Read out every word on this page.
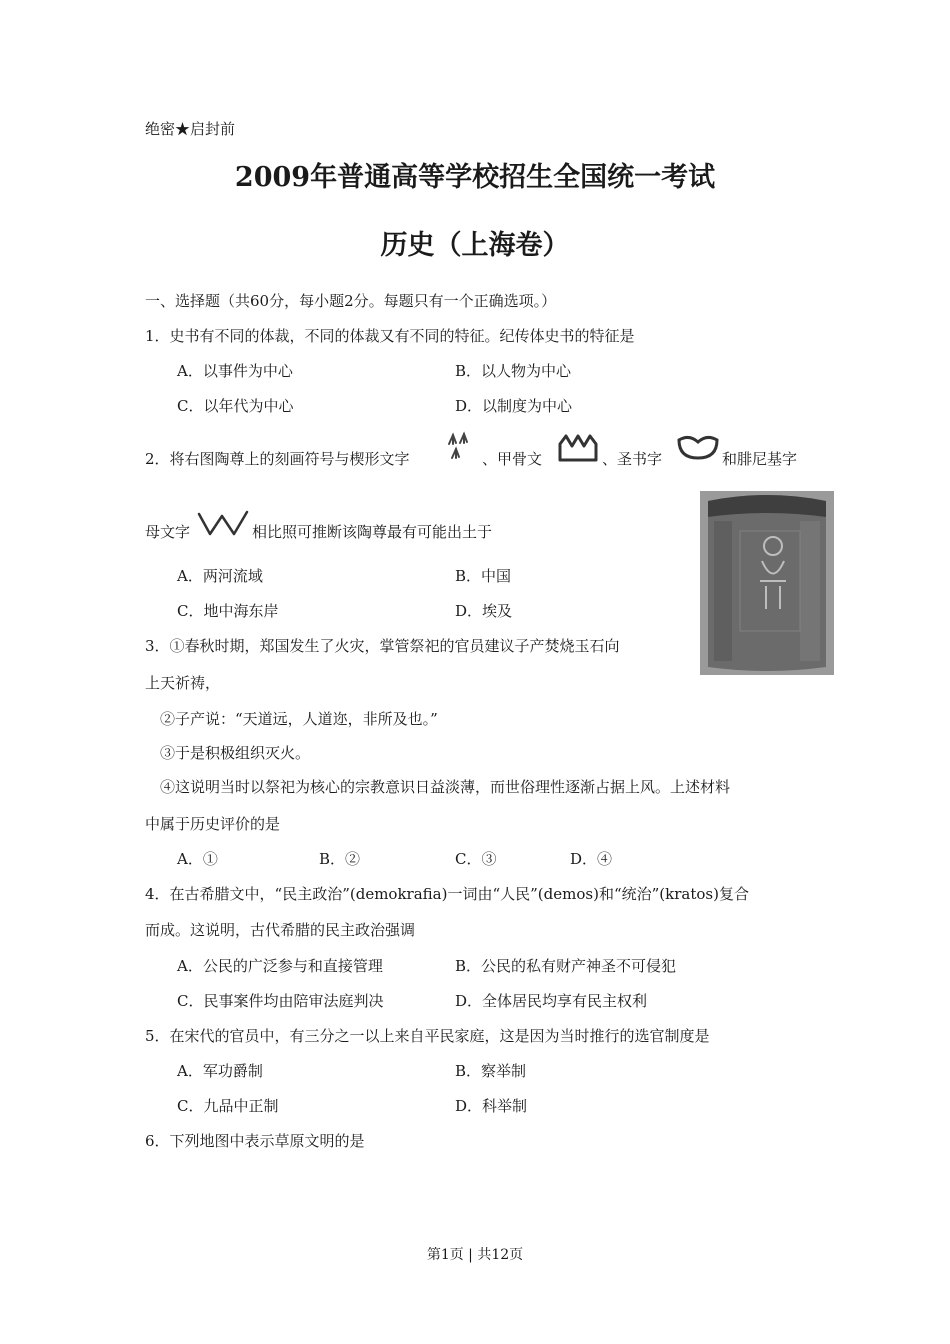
绝密★启封前
2009年普通高等学校招生全国统一考试
历史（上海卷）
一、选择题（共60分，每小题2分。每题只有一个正确选项。）
1．史书有不同的体裁，不同的体裁又有不同的特征。纪传体史书的特征是
A．以事件为中心	B．以人物为中心
C．以年代为中心	D．以制度为中心
2．将右图陶尊上的刻画符号与楔形文字	、甲骨文	、圣书字	和腓尼基字
母文字	相比照可推断该陶尊最有可能出土于
A．两河流域	B．中国
C．地中海东岸	D．埃及
3．①春秋时期，郑国发生了火灾，掌管祭祀的官员建议子产焚烧玉石向
上天祈祷，
②子产说：“天道远，人道迩，非所及也。”
③于是积极组织灭火。
④这说明当时以祭祀为核心的宗教意识日益淡薄，而世俗理性逐渐占据上风。上述材料
中属于历史评价的是
A．①	B．②	C．③	D．④
4．在古希腊文中，“民主政治”(demokrafia)一词由“人民”(demos)和“统治”(kratos)复合
而成。这说明，古代希腊的民主政治强调
A．公民的广泛参与和直接管理	B．公民的私有财产神圣不可侵犯
C．民事案件均由陪审法庭判决	D．全体居民均享有民主权利
5．在宋代的官员中，有三分之一以上来自平民家庭，这是因为当时推行的选官制度是
A．军功爵制	B．察举制
C．九品中正制	D．科举制
6．下列地图中表示草原文明的是
第1页 | 共12页
